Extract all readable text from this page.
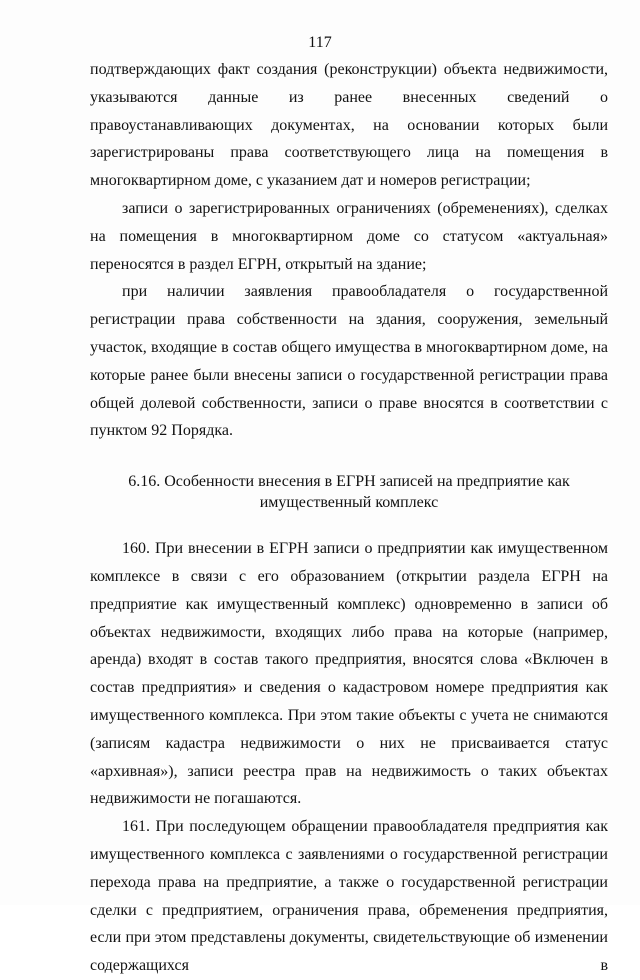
117

подтверждающих факт создания (реконструкции) объекта недвижимости, указываются данные из ранее внесенных сведений о правоустанавливающих документах, на основании которых были зарегистрированы права соответствующего лица на помещения в многоквартирном доме, с указанием дат и номеров регистрации;

записи о зарегистрированных ограничениях (обременениях), сделках на помещения в многоквартирном доме со статусом «актуальная» переносятся в раздел ЕГРН, открытый на здание;

при наличии заявления правообладателя о государственной регистрации права собственности на здания, сооружения, земельный участок, входящие в состав общего имущества в многоквартирном доме, на которые ранее были внесены записи о государственной регистрации права общей долевой собственности, записи о праве вносятся в соответствии с пунктом 92 Порядка.

6.16. Особенности внесения в ЕГРН записей на предприятие как
имущественный комплекс

160. При внесении в ЕГРН записи о предприятии как имущественном комплексе в связи с его образованием (открытии раздела ЕГРН на предприятие как имущественный комплекс) одновременно в записи об объектах недвижимости, входящих либо права на которые (например, аренда) входят в состав такого предприятия, вносятся слова «Включен в состав предприятия» и сведения о кадастровом номере предприятия как имущественного комплекса. При этом такие объекты с учета не снимаются (записям кадастра недвижимости о них не присваивается статус «архивная»), записи реестра прав на недвижимость о таких объектах недвижимости не погашаются.

161. При последующем обращении правообладателя предприятия как имущественного комплекса с заявлениями о государственной регистрации перехода права на предприятие, а также о государственной регистрации сделки с предприятием, ограничения права, обременения предприятия, если при этом представлены документы, свидетельствующие об изменении содержащихся в
